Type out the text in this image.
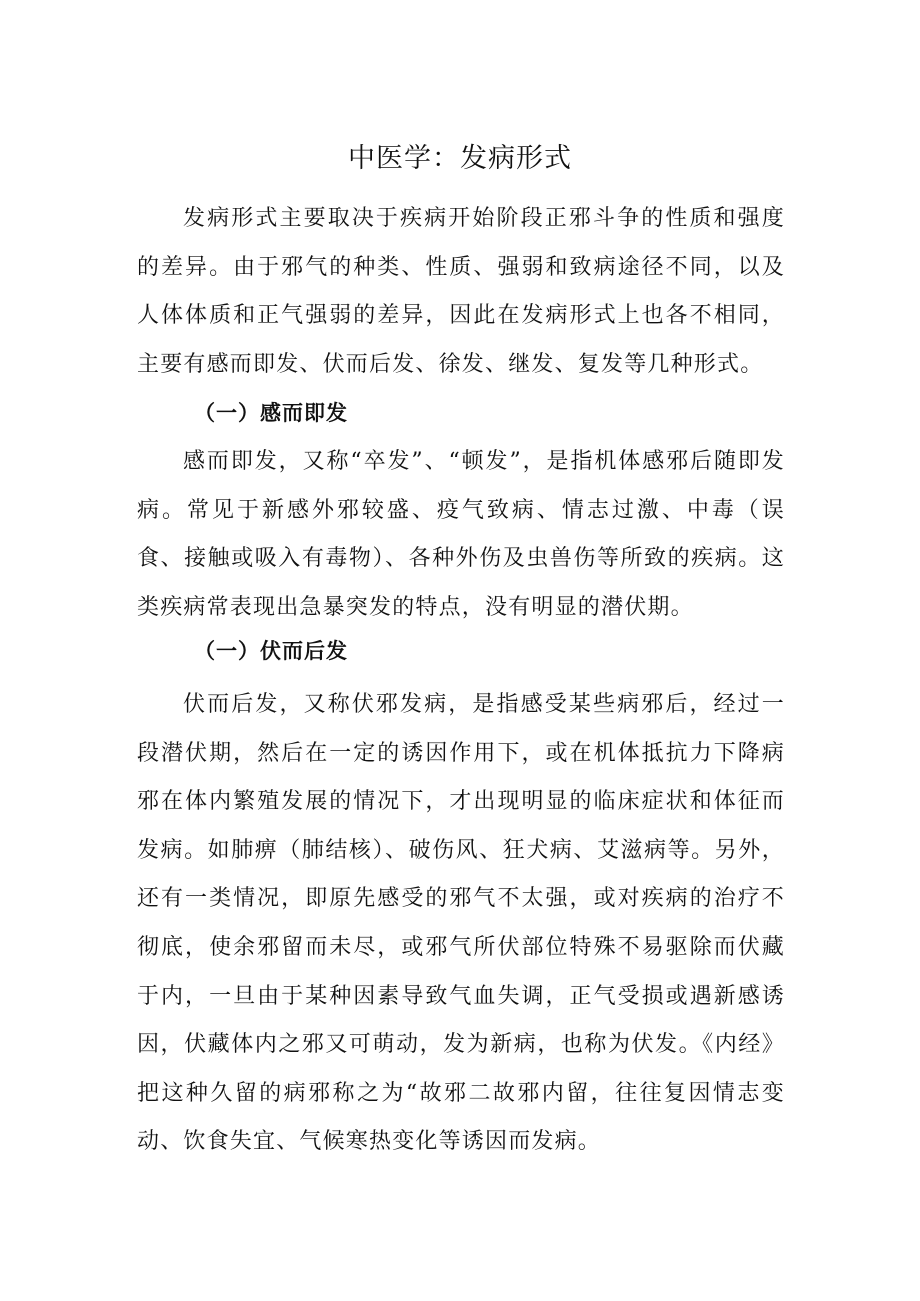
中医学：发病形式

发病形式主要取决于疾病开始阶段正邪斗争的性质和强度的差异。由于邪气的种类、性质、强弱和致病途径不同，以及人体体质和正气强弱的差异，因此在发病形式上也各不相同，主要有感而即发、伏而后发、徐发、继发、复发等几种形式。

（一）感而即发

感而即发，又称“卒发”、“顿发”，是指机体感邪后随即发病。常见于新感外邪较盛、疫气致病、情志过激、中毒（误食、接触或吸入有毒物）、各种外伤及虫兽伤等所致的疾病。这类疾病常表现出急暴突发的特点，没有明显的潜伏期。

（一）伏而后发

伏而后发，又称伏邪发病，是指感受某些病邪后，经过一段潜伏期，然后在一定的诱因作用下，或在机体抵抗力下降病邪在体内繁殖发展的情况下，才出现明显的临床症状和体征而发病。如肺痹（肺结核）、破伤风、狂犬病、艾滋病等。另外，还有一类情况，即原先感受的邪气不太强，或对疾病的治疗不彻底，使余邪留而未尽，或邪气所伏部位特殊不易驱除而伏藏于内，一旦由于某种因素导致气血失调，正气受损或遇新感诱因，伏藏体内之邪又可萌动，发为新病，也称为伏发。《内经》把这种久留的病邪称之为“故邪二故邪内留，往往复因情志变动、饮食失宜、气候寒热变化等诱因而发病。
